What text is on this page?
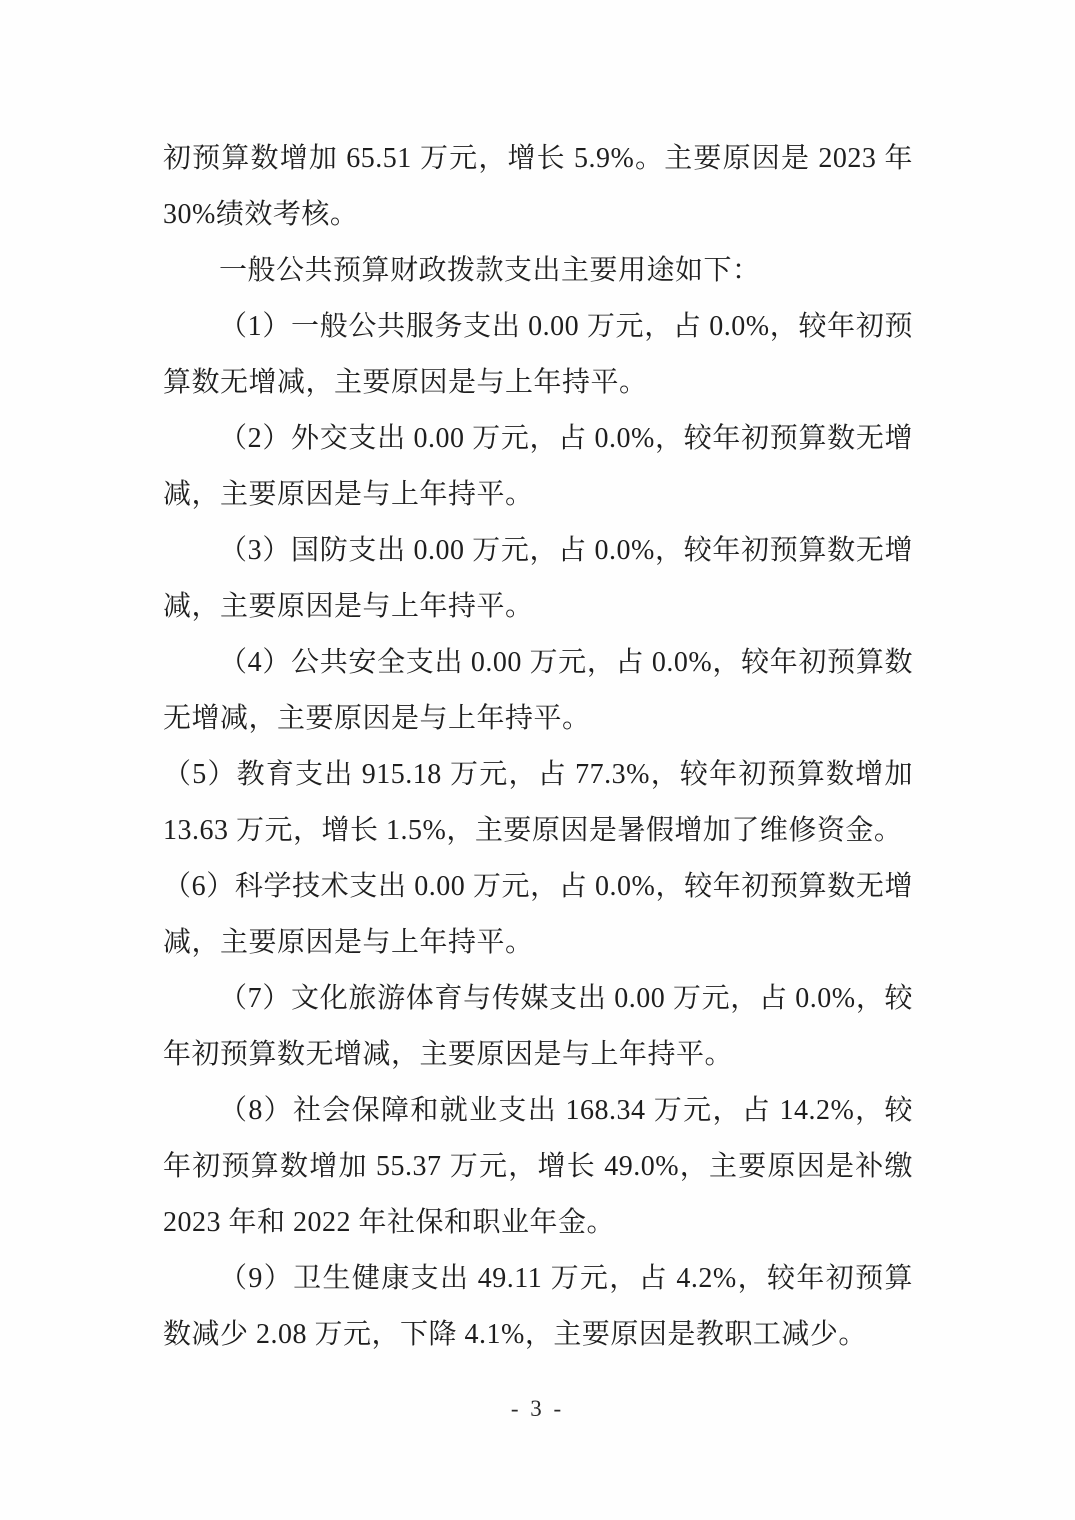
初预算数增加 65.51 万元，增长 5.9%。主要原因是 2023 年
30%绩效考核。
一般公共预算财政拨款支出主要用途如下：
（1）一般公共服务支出 0.00 万元，占 0.0%，较年初预
算数无增减，主要原因是与上年持平。
（2）外交支出 0.00 万元，占 0.0%，较年初预算数无增
减，主要原因是与上年持平。
（3）国防支出 0.00 万元，占 0.0%，较年初预算数无增
减，主要原因是与上年持平。
（4）公共安全支出 0.00 万元，占 0.0%，较年初预算数
无增减，主要原因是与上年持平。
（5）教育支出 915.18 万元，占 77.3%，较年初预算数增加
13.63 万元，增长 1.5%，主要原因是暑假增加了维修资金。
（6）科学技术支出 0.00 万元，占 0.0%，较年初预算数无增
减，主要原因是与上年持平。
（7）文化旅游体育与传媒支出 0.00 万元，占 0.0%，较
年初预算数无增减，主要原因是与上年持平。
（8）社会保障和就业支出 168.34 万元，占 14.2%，较
年初预算数增加 55.37 万元，增长 49.0%，主要原因是补缴
2023 年和 2022 年社保和职业年金。
（9）卫生健康支出 49.11 万元，占 4.2%，较年初预算
数减少 2.08 万元，下降 4.1%，主要原因是教职工减少。
- 3 -
